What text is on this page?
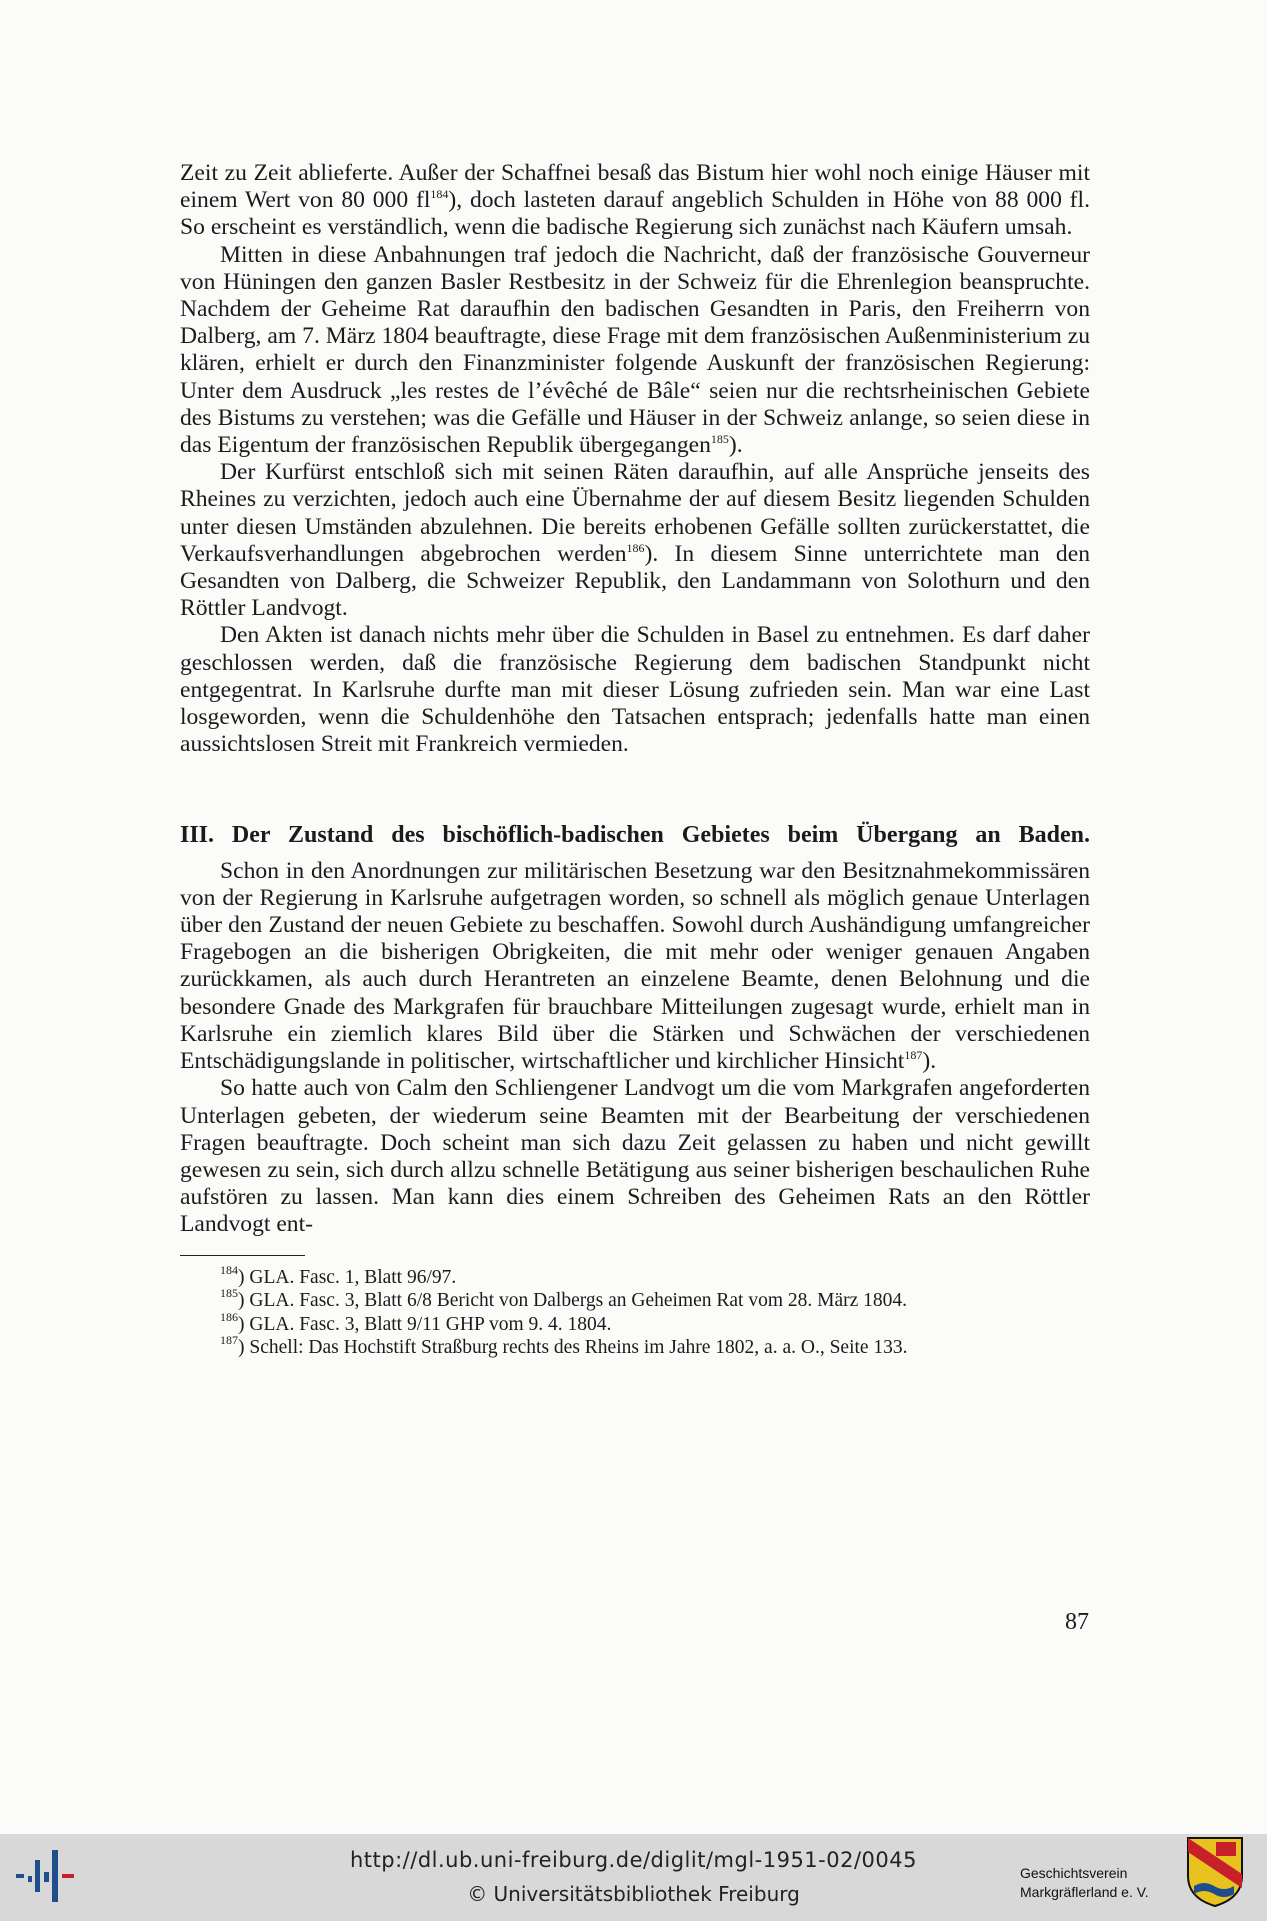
Zeit zu Zeit ablieferte. Außer der Schaffnei besaß das Bistum hier wohl noch einige Häuser mit einem Wert von 80 000 $fl^{184}$), doch lasteten darauf angeblich Schulden in Höhe von 88 000 fl. So erscheint es verständlich, wenn die badische Regierung sich zunächst nach Käufern umsah.

Mitten in diese Anbahnungen traf jedoch die Nachricht, daß der französische Gouverneur von Hüningen den ganzen Basler Restbesitz in der Schweiz für die Ehrenlegion beanspruchte. Nachdem der Geheime Rat daraufhin den badischen Gesandten in Paris, den Freiherrn von Dalberg, am 7. März 1804 beauftragte, diese Frage mit dem französischen Außenministerium zu klären, erhielt er durch den Finanzminister folgende Auskunft der französischen Regierung: Unter dem Ausdruck „les restes de l’évêché de Bâle“ seien nur die rechtsrheinischen Gebiete des Bistums zu verstehen; was die Gefälle und Häuser in der Schweiz anlange, so seien diese in das Eigentum der französischen Republik übergegangen$^{185}$).

Der Kurfürst entschloß sich mit seinen Räten daraufhin, auf alle Ansprüche jenseits des Rheines zu verzichten, jedoch auch eine Übernahme der auf diesem Besitz liegenden Schulden unter diesen Umständen abzulehnen. Die bereits erhobenen Gefälle sollten zurückerstattet, die Verkaufsverhandlungen abgebrochen werden$^{186}$). In diesem Sinne unterrichtete man den Gesandten von Dalberg, die Schweizer Republik, den Landammann von Solothurn und den Röttler Landvogt.

Den Akten ist danach nichts mehr über die Schulden in Basel zu entnehmen. Es darf daher geschlossen werden, daß die französische Regierung dem badischen Standpunkt nicht entgegentrat. In Karlsruhe durfte man mit dieser Lösung zufrieden sein. Man war eine Last losgeworden, wenn die Schuldenhöhe den Tatsachen entsprach; jedenfalls hatte man einen aussichtslosen Streit mit Frankreich vermieden.

III. Der Zustand des bischöflich-badischen Gebietes beim Übergang an Baden.

Schon in den Anordnungen zur militärischen Besetzung war den Besitznahmekommissären von der Regierung in Karlsruhe aufgetragen worden, so schnell als möglich genaue Unterlagen über den Zustand der neuen Gebiete zu beschaffen. Sowohl durch Aushändigung umfangreicher Fragebogen an die bisherigen Obrigkeiten, die mit mehr oder weniger genauen Angaben zurückkamen, als auch durch Herantreten an einzelene Beamte, denen Belohnung und die besondere Gnade des Markgrafen für brauchbare Mitteilungen zugesagt wurde, erhielt man in Karlsruhe ein ziemlich klares Bild über die Stärken und Schwächen der verschiedenen Entschädigungslande in politischer, wirtschaftlicher und kirchlicher Hinsicht$^{187}$).

So hatte auch von Calm den Schliengener Landvogt um die vom Markgrafen angeforderten Unterlagen gebeten, der wiederum seine Beamten mit der Bearbeitung der verschiedenen Fragen beauftragte. Doch scheint man sich dazu Zeit gelassen zu haben und nicht gewillt gewesen zu sein, sich durch allzu schnelle Betätigung aus seiner bisherigen beschaulichen Ruhe aufstören zu lassen. Man kann dies einem Schreiben des Geheimen Rats an den Röttler Landvogt ent-

$^{184}$) GLA. Fasc. 1, Blatt 96/97.
$^{185}$) GLA. Fasc. 3, Blatt 6/8 Bericht von Dalbergs an Geheimen Rat vom 28. März 1804.
$^{186}$) GLA. Fasc. 3, Blatt 9/11 GHP vom 9. 4. 1804.
$^{187}$) Schell: Das Hochstift Straßburg rechts des Rheins im Jahre 1802, a. a. O., Seite 133.
87
http://dl.ub.uni-freiburg.de/diglit/mgl-1951-02/0045
© Universitätsbibliothek Freiburg
Geschichtsverein
Markgräflerland e. V.
